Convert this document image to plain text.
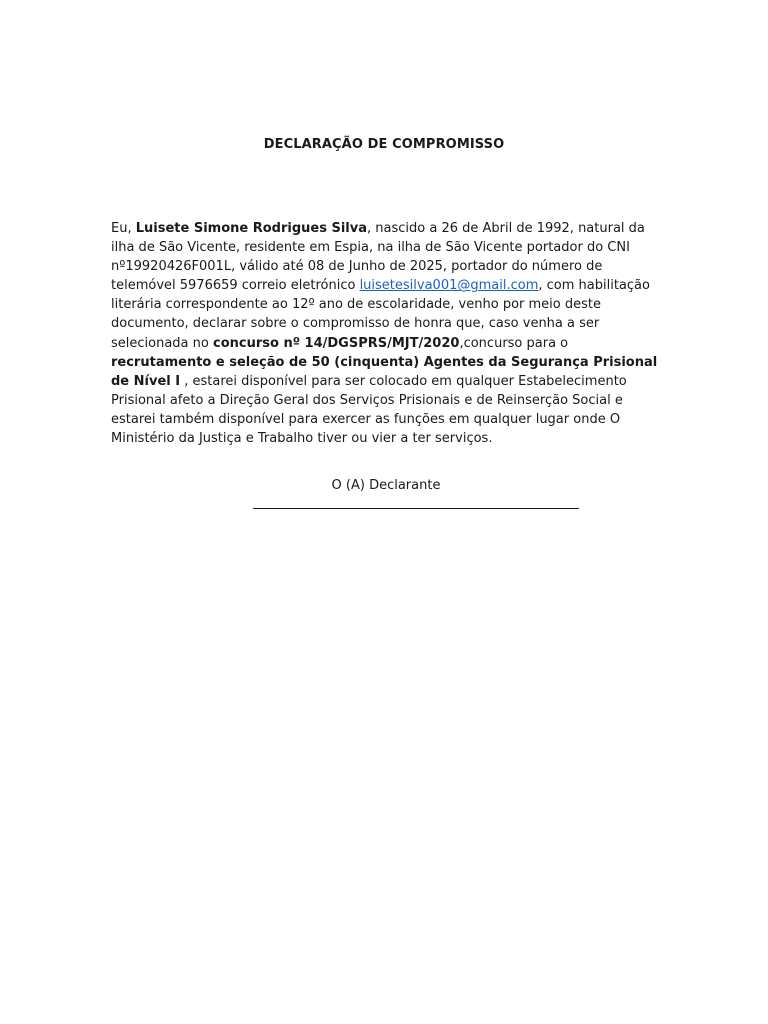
DECLARAÇÃO DE COMPROMISSO
Eu, Luisete Simone Rodrigues Silva, nascido a 26 de Abril de 1992, natural da ilha de São Vicente, residente em Espia, na ilha de São Vicente portador do CNI nº19920426F001L, válido até 08 de Junho de 2025, portador do número de telemóvel 5976659 correio eletrónico luisetesilva001@gmail.com, com habilitação literária correspondente ao 12º ano de escolaridade, venho por meio deste documento, declarar sobre o compromisso de honra que, caso venha a ser selecionada no concurso nº 14/DGSPRS/MJT/2020,concurso para o recrutamento e seleção de 50 (cinquenta) Agentes da Segurança Prisional de Nível I , estarei disponível para ser colocado em qualquer Estabelecimento Prisional afeto a Direção Geral dos Serviços Prisionais e de Reinserção Social e estarei também disponível para exercer as funções em qualquer lugar onde O Ministério da Justiça e Trabalho tiver ou vier a ter serviços.
O (A) Declarante
